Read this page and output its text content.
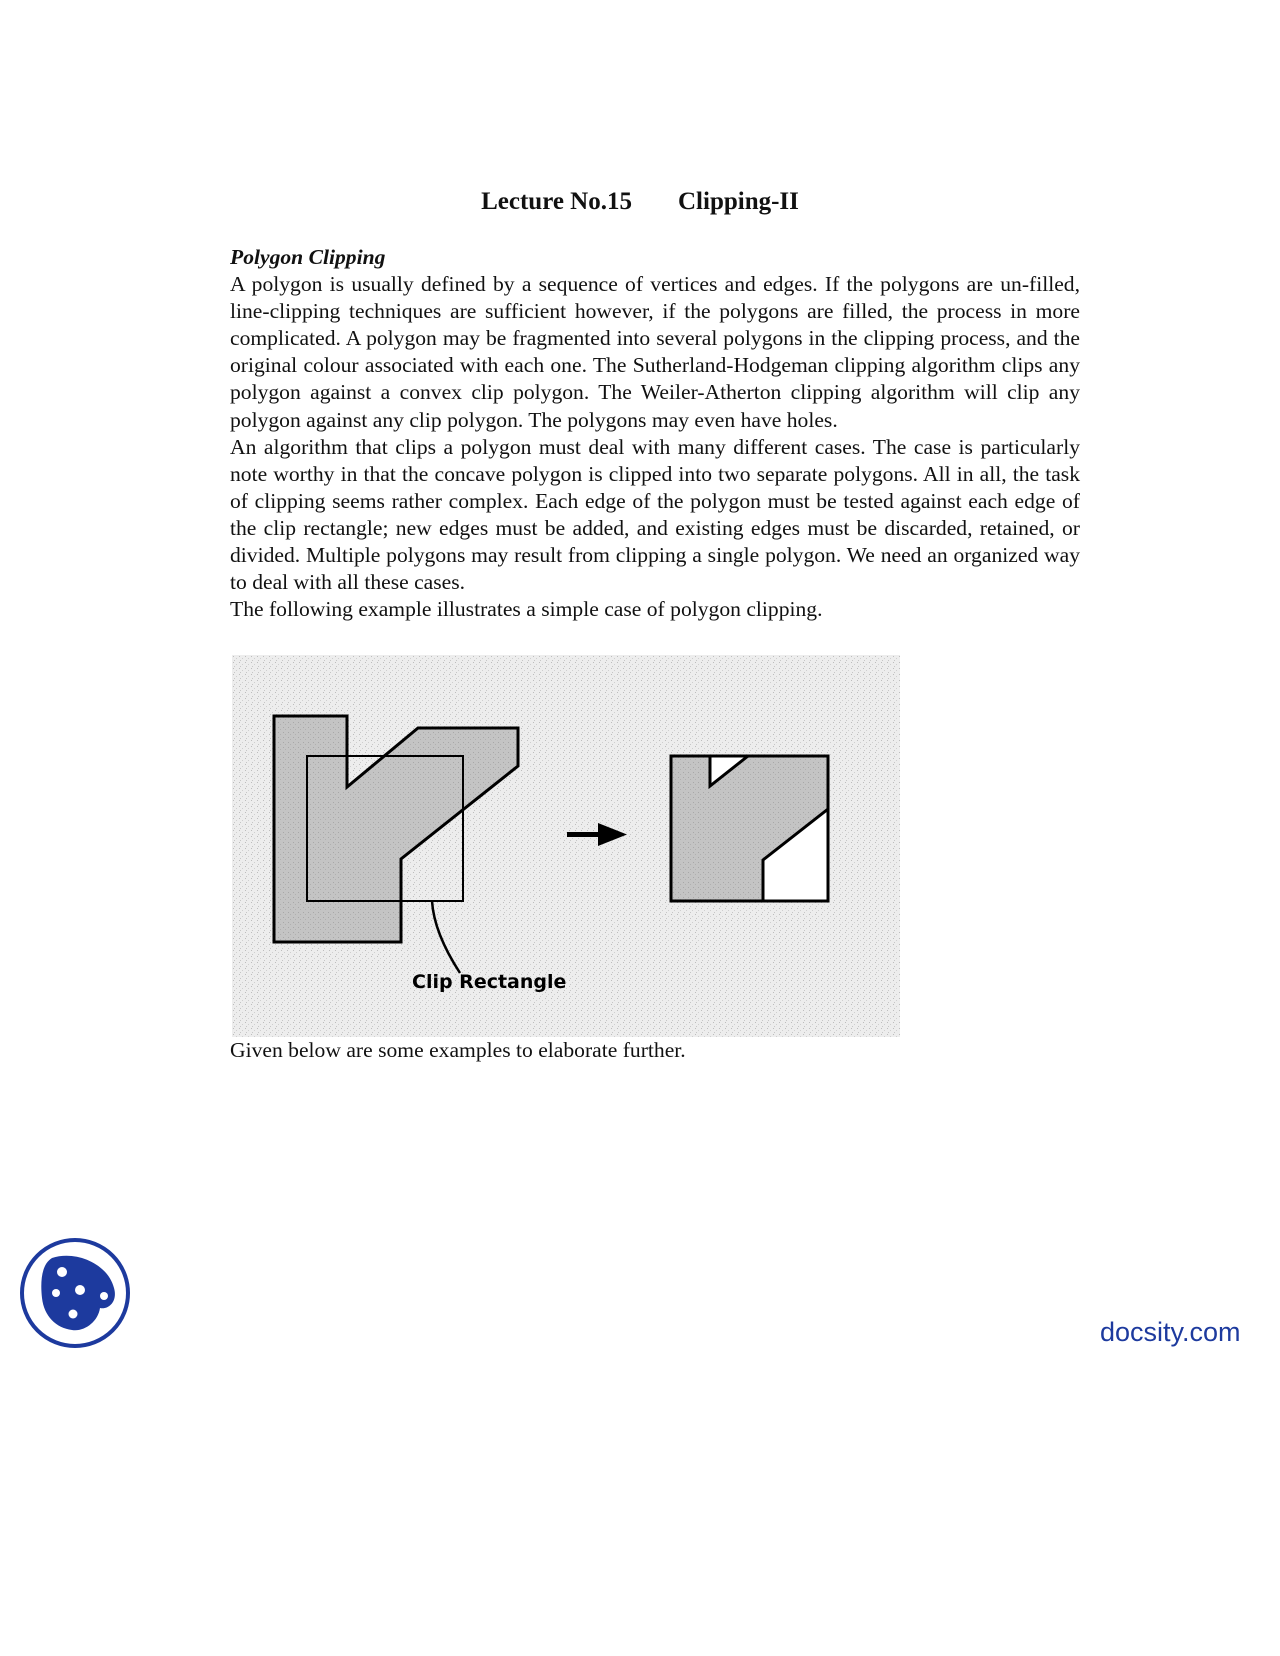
Lecture No.15 Clipping-II

Polygon Clipping

A polygon is usually defined by a sequence of vertices and edges. If the polygons are un-filled, line-clipping techniques are sufficient however, if the polygons are filled, the process in more complicated. A polygon may be fragmented into several polygons in the clipping process, and the original colour associated with each one. The Sutherland-Hodgeman clipping algorithm clips any polygon against a convex clip polygon. The Weiler-Atherton clipping algorithm will clip any polygon against any clip polygon. The polygons may even have holes.

An algorithm that clips a polygon must deal with many different cases. The case is particularly note worthy in that the concave polygon is clipped into two separate polygons. All in all, the task of clipping seems rather complex. Each edge of the polygon must be tested against each edge of the clip rectangle; new edges must be added, and existing edges must be discarded, retained, or divided. Multiple polygons may result from clipping a single polygon. We need an organized way to deal with all these cases.

The following example illustrates a simple case of polygon clipping.

Clip Rectangle

Given below are some examples to elaborate further.

docsity.com
